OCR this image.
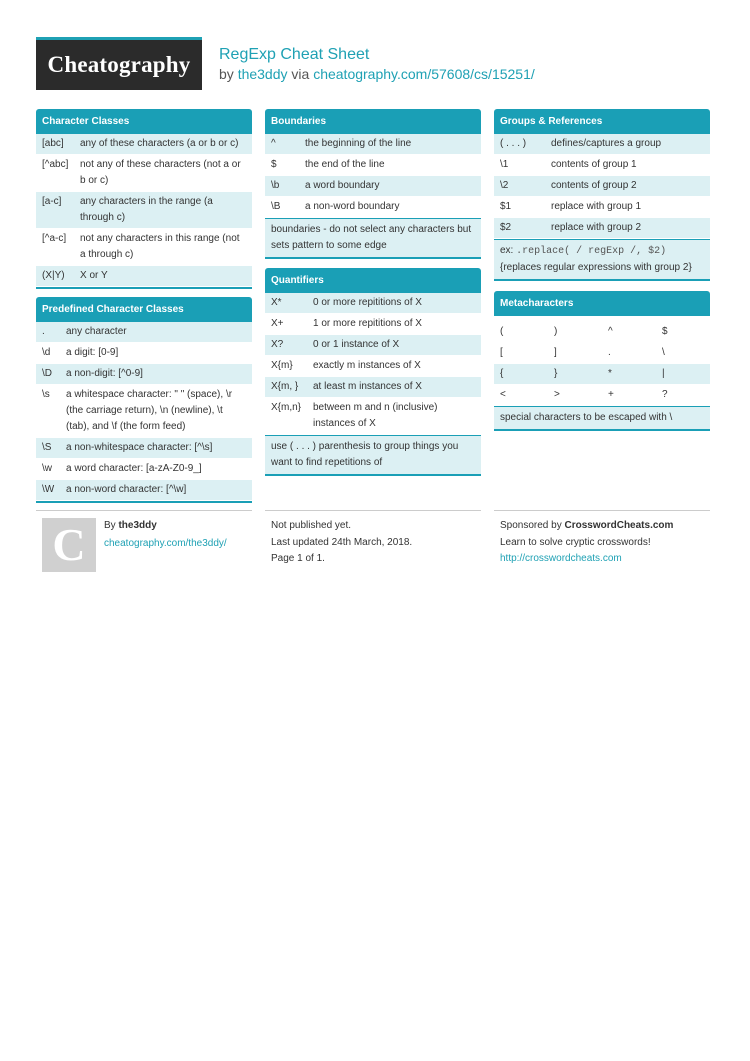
Cheatography RegExp Cheat Sheet
by the3ddy via cheatography.com/57608/cs/15251/
Character Classes
[abc]	any of these characters (a or b or c)
[^abc]	not any of these characters (not a or b or c)
[a-c]	any characters in the range (a through c)
[^a-c]	not any characters in this range (not a through c)
(X|Y)	X or Y
Predefined Character Classes
.	any character
\d	a digit: [0-9]
\D	a non-digit: [^0-9]
\s	a whitespace character: " " (space), \r (the carriage return), \n (newline), \t (tab), and \f (the form feed)
\S	a non-whitespace character: [^\s]
\w	a word character: [a-zA-Z0-9_]
\W	a non-word character: [^\w]
Boundaries
^	the beginning of the line
$	the end of the line
\b	a word boundary
\B	a non-word boundary
boundaries - do not select any characters but sets pattern to some edge
Quantifiers
X*	0 or more repititions of X
X+	1 or more repititions of X
X?	0 or 1 instance of X
X{m}	exactly m instances of X
X{m, }	at least m instances of X
X{m,n}	between m and n (inclusive) instances of X
use ( . . . ) parenthesis to group things you want to find repetitions of
Groups & References
( . . . )	defines/captures a group
\1	contents of group 1
\2	contents of group 2
$1	replace with group 1
$2	replace with group 2
ex: .replace( / regExp /, $2)
{replaces regular expressions with group 2}
Metacharacters
(	)	^	$
[	]	.	\
{	}	*	|
<	>	+	?
special characters to be escaped with \
C By the3ddy
cheatography.com/the3ddy/
Not published yet.
Last updated 24th March, 2018.
Page 1 of 1.
Sponsored by CrosswordCheats.com
Learn to solve cryptic crosswords!
http://crosswordcheats.com
